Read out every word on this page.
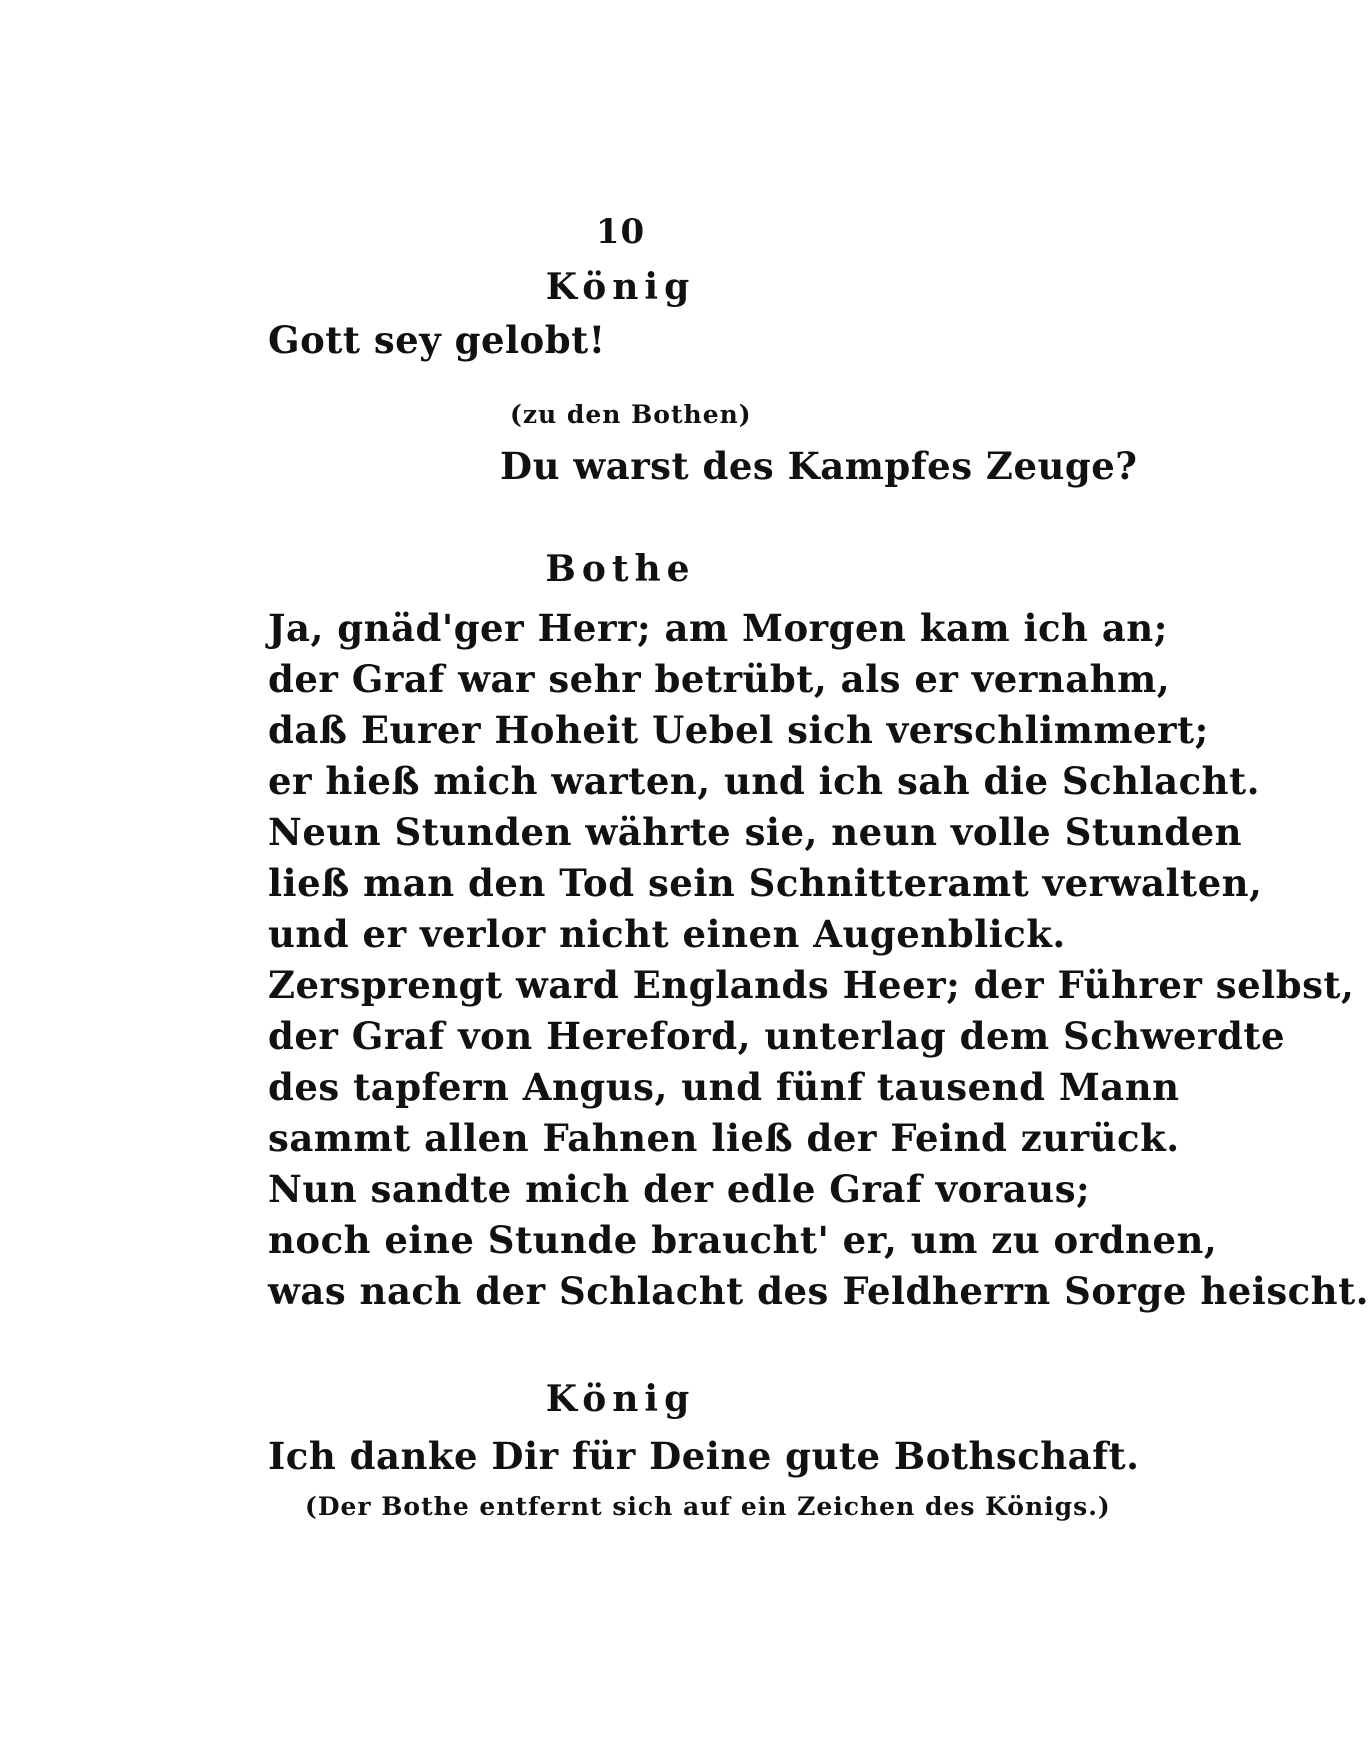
10
König
Gott sey gelobt!
(zu den Bothen)
Du warst des Kampfes Zeuge?
Bothe
Ja, gnäd'ger Herr; am Morgen kam ich an;
der Graf war sehr betrübt, als er vernahm,
daß Eurer Hoheit Uebel sich verschlimmert;
er hieß mich warten, und ich sah die Schlacht.
Neun Stunden währte sie, neun volle Stunden
ließ man den Tod sein Schnitteramt verwalten,
und er verlor nicht einen Augenblick.
Zersprengt ward Englands Heer; der Führer selbst,
der Graf von Hereford, unterlag dem Schwerdte
des tapfern Angus, und fünf tausend Mann
sammt allen Fahnen ließ der Feind zurück.
Nun sandte mich der edle Graf voraus;
noch eine Stunde braucht' er, um zu ordnen,
was nach der Schlacht des Feldherrn Sorge heischt.
König
Ich danke Dir für Deine gute Bothschaft.
(Der Bothe entfernt sich auf ein Zeichen des Königs.)
